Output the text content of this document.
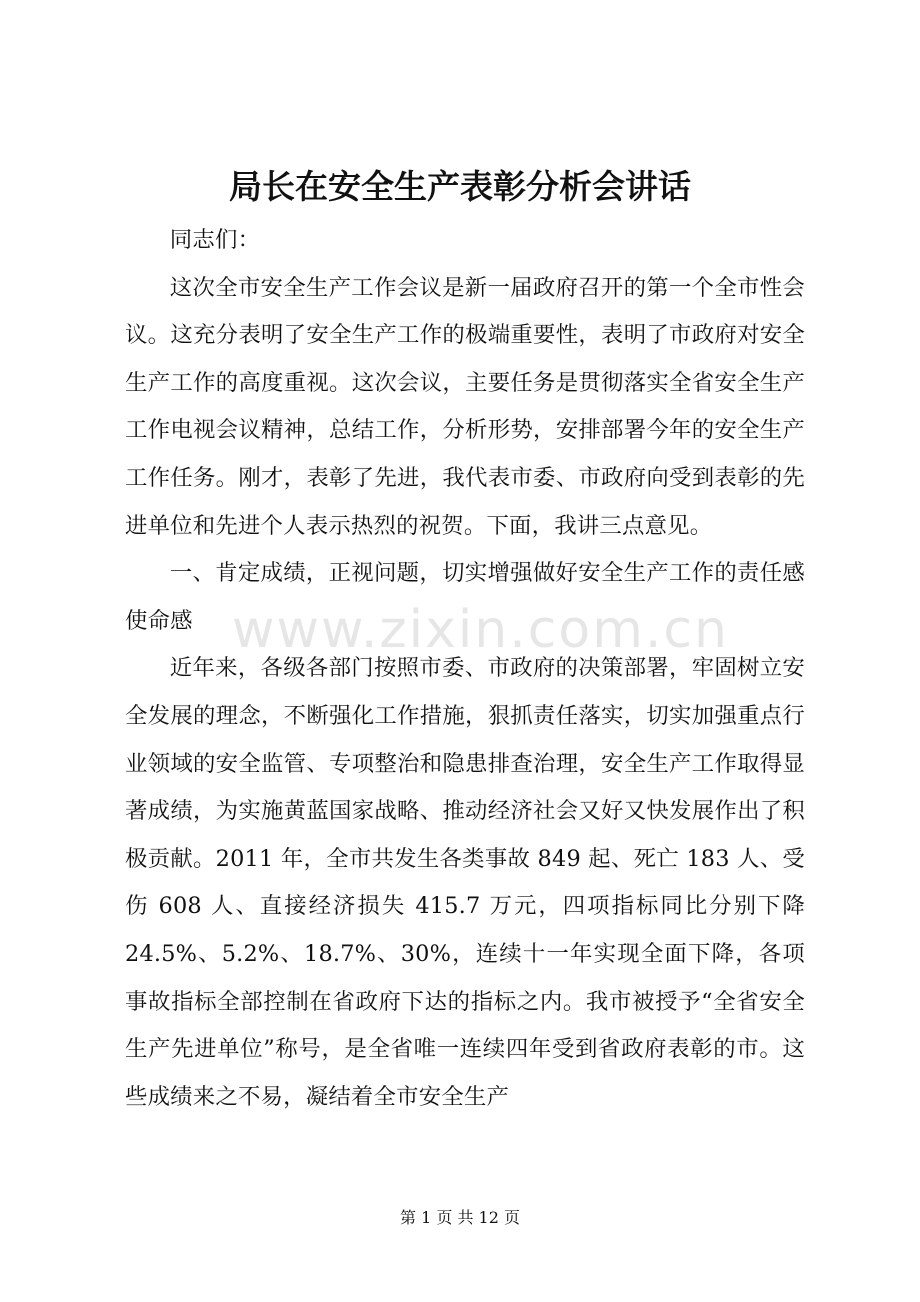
局长在安全生产表彰分析会讲话

同志们：

这次全市安全生产工作会议是新一届政府召开的第一个全市性会议。这充分表明了安全生产工作的极端重要性，表明了市政府对安全生产工作的高度重视。这次会议，主要任务是贯彻落实全省安全生产工作电视会议精神，总结工作，分析形势，安排部署今年的安全生产工作任务。刚才，表彰了先进，我代表市委、市政府向受到表彰的先进单位和先进个人表示热烈的祝贺。下面，我讲三点意见。

一、肯定成绩，正视问题，切实增强做好安全生产工作的责任感使命感

近年来，各级各部门按照市委、市政府的决策部署，牢固树立安全发展的理念，不断强化工作措施，狠抓责任落实，切实加强重点行业领域的安全监管、专项整治和隐患排查治理，安全生产工作取得显著成绩，为实施黄蓝国家战略、推动经济社会又好又快发展作出了积极贡献。2011 年，全市共发生各类事故 849 起、死亡 183 人、受伤 608 人、直接经济损失 415.7 万元，四项指标同比分别下降 24.5%、5.2%、18.7%、30%，连续十一年实现全面下降，各项事故指标全部控制在省政府下达的指标之内。我市被授予“全省安全生产先进单位”称号，是全省唯一连续四年受到省政府表彰的市。这些成绩来之不易，凝结着全市安全生产

www.zixin.com.cn
第 1 页 共 12 页
